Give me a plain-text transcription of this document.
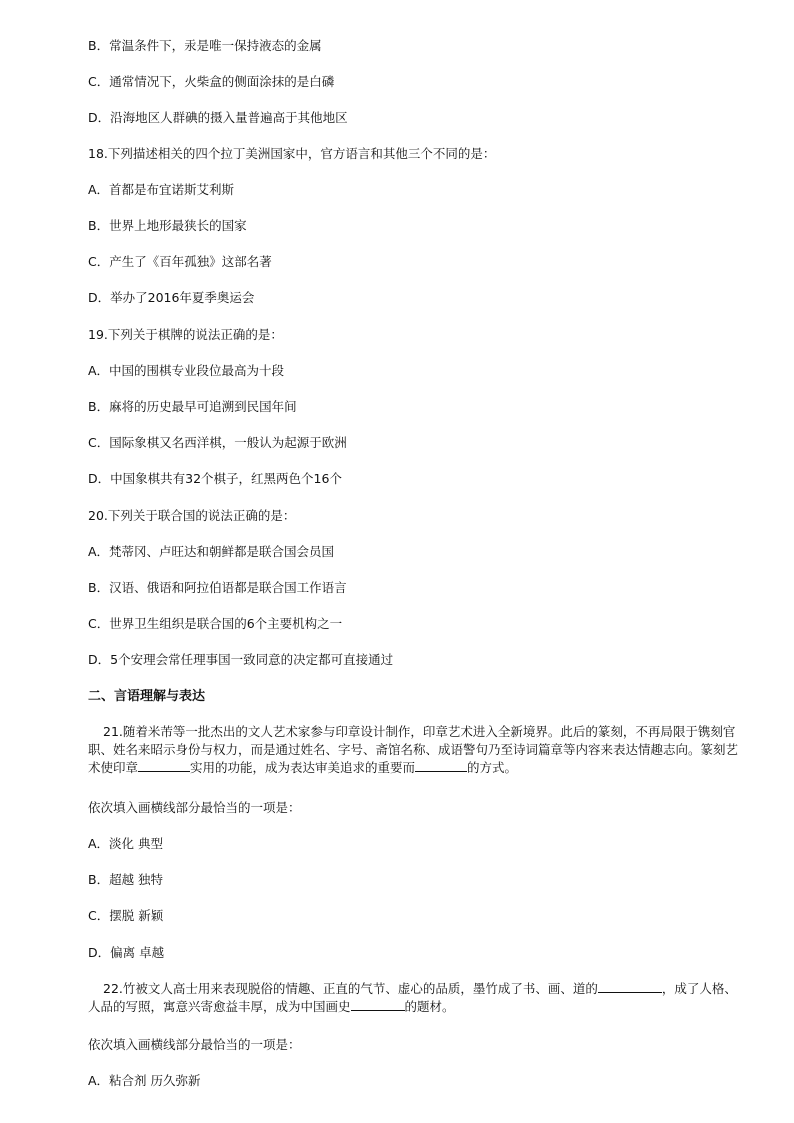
B．常温条件下，汞是唯一保持液态的金属
C．通常情况下，火柴盒的侧面涂抹的是白磷
D．沿海地区人群碘的摄入量普遍高于其他地区
18.下列描述相关的四个拉丁美洲国家中，官方语言和其他三个不同的是：
A．首都是布宜诺斯艾利斯
B．世界上地形最狭长的国家
C．产生了《百年孤独》这部名著
D．举办了2016年夏季奥运会
19.下列关于棋牌的说法正确的是：
A．中国的围棋专业段位最高为十段
B．麻将的历史最早可追溯到民国年间
C．国际象棋又名西洋棋，一般认为起源于欧洲
D．中国象棋共有32个棋子，红黑两色个16个
20.下列关于联合国的说法正确的是：
A．梵蒂冈、卢旺达和朝鲜都是联合国会员国
B．汉语、俄语和阿拉伯语都是联合国工作语言
C．世界卫生组织是联合国的6个主要机构之一
D．5个安理会常任理事国一致同意的决定都可直接通过
二、言语理解与表达

21.随着米芾等一批杰出的文人艺术家参与印章设计制作，印章艺术进入全新境界。此后的篆刻，不再局限于镌刻官职、姓名来昭示身份与权力，而是通过姓名、字号、斋馆名称、成语警句乃至诗词篇章等内容来表达情趣志向。篆刻艺术使印章	实用的功能，成为表达审美追求的重要而	的方式。

依次填入画横线部分最恰当的一项是：
A．淡化 典型
B．超越 独特
C．摆脱 新颖
D．偏离 卓越

22.竹被文人高士用来表现脱俗的情趣、正直的气节、虚心的品质，墨竹成了书、画、道的	，成了人格、人品的写照，寓意兴寄愈益丰厚，成为中国画史	的题材。

依次填入画横线部分最恰当的一项是：
A．粘合剂 历久弥新
